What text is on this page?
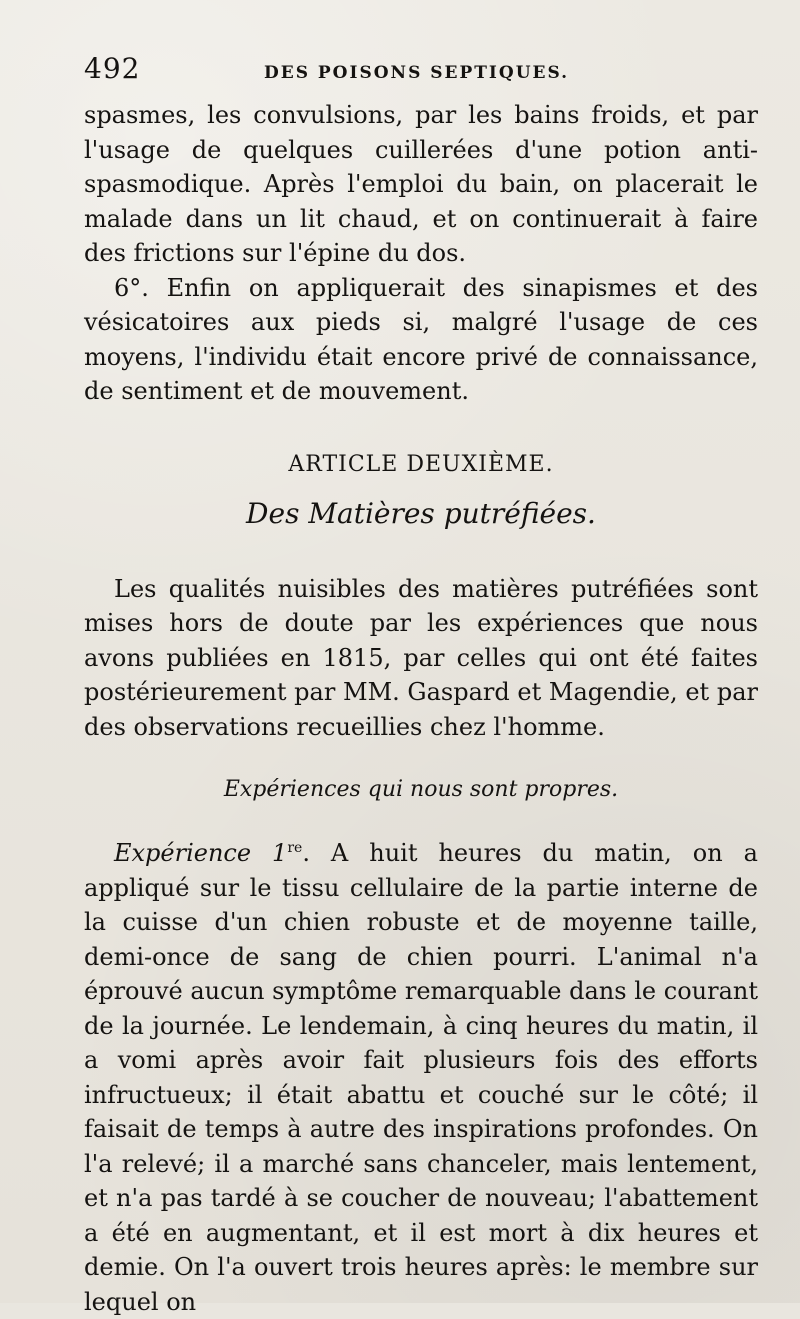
492	DES POISONS SEPTIQUES.

spasmes, les convulsions, par les bains froids, et par l'usage de quelques cuillerées d'une potion anti-spasmodique. Après l'emploi du bain, on placerait le malade dans un lit chaud, et on continuerait à faire des frictions sur l'épine du dos.

6°. Enfin on appliquerait des sinapismes et des vésicatoires aux pieds si, malgré l'usage de ces moyens, l'individu était encore privé de connaissance, de sentiment et de mouvement.

ARTICLE DEUXIÈME.
Des Matières putréfiées.

Les qualités nuisibles des matières putréfiées sont mises hors de doute par les expériences que nous avons publiées en 1815, par celles qui ont été faites postérieurement par MM. Gaspard et Magendie, et par des observations recueillies chez l'homme.

Expériences qui nous sont propres.

Expérience 1re. A huit heures du matin, on a appliqué sur le tissu cellulaire de la partie interne de la cuisse d'un chien robuste et de moyenne taille, demi-once de sang de chien pourri. L'animal n'a éprouvé aucun symptôme remarquable dans le courant de la journée. Le lendemain, à cinq heures du matin, il a vomi après avoir fait plusieurs fois des efforts infructueux; il était abattu et couché sur le côté; il faisait de temps à autre des inspirations profondes. On l'a relevé; il a marché sans chanceler, mais lentement, et n'a pas tardé à se coucher de nouveau; l'abattement a été en augmentant, et il est mort à dix heures et demie. On l'a ouvert trois heures après: le membre sur lequel on
